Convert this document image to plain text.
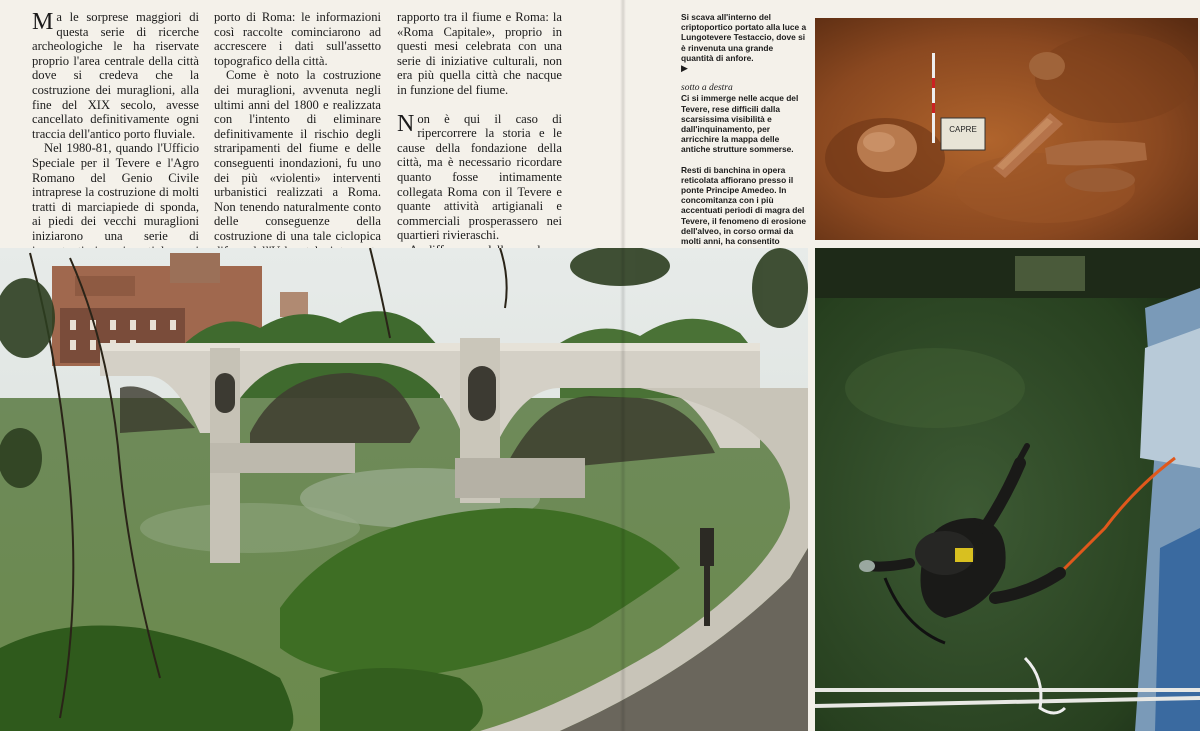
Ma le sorprese maggiori di questa serie di ricerche archeologiche le ha riservate proprio l'area centrale della città dove si credeva che la costruzione dei muraglioni, alla fine del XIX secolo, avesse cancellato definitivamente ogni traccia dell'antico porto fluviale.

Nel 1980-81, quando l'Ufficio Speciale per il Tevere e l'Agro Romano del Genio Civile intraprese la costruzione di molti tratti di marciapiede di sponda, ai piedi dei vecchi muraglioni iniziarono una serie di

porto di Roma: le informazioni così raccolte cominciarono ad accrescere i dati sull'assetto topografico della città.

Come è noto la costruzione dei muraglioni, avvenuta negli ultimi anni del 1800 e realizzata con l'intento di eliminare definitivamente il rischio degli straripamenti del fiume e delle conseguenti inondazioni, fu uno dei più «violenti» interventi urbanistici realizzati a Roma. Non tenendo naturalmente conto delle conseguenze della costruzione di una tale ciclopica

rapporto tra il fiume e Roma: la «Roma Capitale», proprio in questi mesi celebrata con una serie di iniziative culturali, non era più quella città che nacque in funzione del fiume.

Non è qui il caso di ripercorrere la storia e le cause della fondazione della città, ma è necessario ricordare quanto fosse intimamente collegata Roma con il Tevere e quante attività artigianali e commerciali prosperassero nei quartieri rivieraschi.

Si scava all'interno del criptoportico portato alla luce a Lungotevere Testaccio, dove si è rinvenuta una grande quantità di anfore.
▶

sotto a destra

Ci si immerge nelle acque del Tevere, rese difficili dalla scarsissima visibilità e dall'inquinamento, per arricchire la mappa delle antiche strutture sommerse.

Resti di banchina in opera reticolata affiorano presso il ponte Principe Amedeo. In concomitanza con i più accentuati periodi di magra del Tevere, il fenomeno di erosione dell'alveo, in corso ormai da molti anni, ha consentito

CAPRE
